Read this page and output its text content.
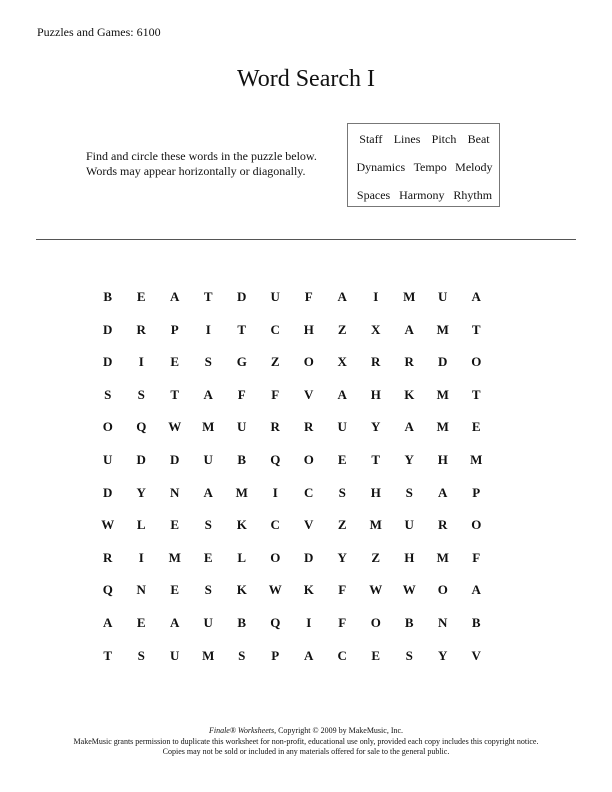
Puzzles and Games: 6100
Word Search I
Find and circle these words in the puzzle below.
Words may appear horizontally or diagonally.
Staff Lines Pitch Beat
Dynamics Tempo Melody
Spaces Harmony Rhythm
B	E	A	T	D	U	F	A	I	M	U	A
D	R	P	I	T	C	H	Z	X	A	M	T
D	I	E	S	G	Z	O	X	R	R	D	O
S	S	T	A	F	F	V	A	H	K	M	T
O	Q	W	M	U	R	R	U	Y	A	M	E
U	D	D	U	B	Q	O	E	T	Y	H	M
D	Y	N	A	M	I	C	S	H	S	A	P
W	L	E	S	K	C	V	Z	M	U	R	O
R	I	M	E	L	O	D	Y	Z	H	M	F
Q	N	E	S	K	W	K	F	W	W	O	A
A	E	A	U	B	Q	I	F	O	B	N	B
T	S	U	M	S	P	A	C	E	S	Y	V
Finale® Worksheets, Copyright © 2009 by MakeMusic, Inc.
MakeMusic grants permission to duplicate this worksheet for non-profit, educational use only, provided each copy includes this copyright notice.
Copies may not be sold or included in any materials offered for sale to the general public.
